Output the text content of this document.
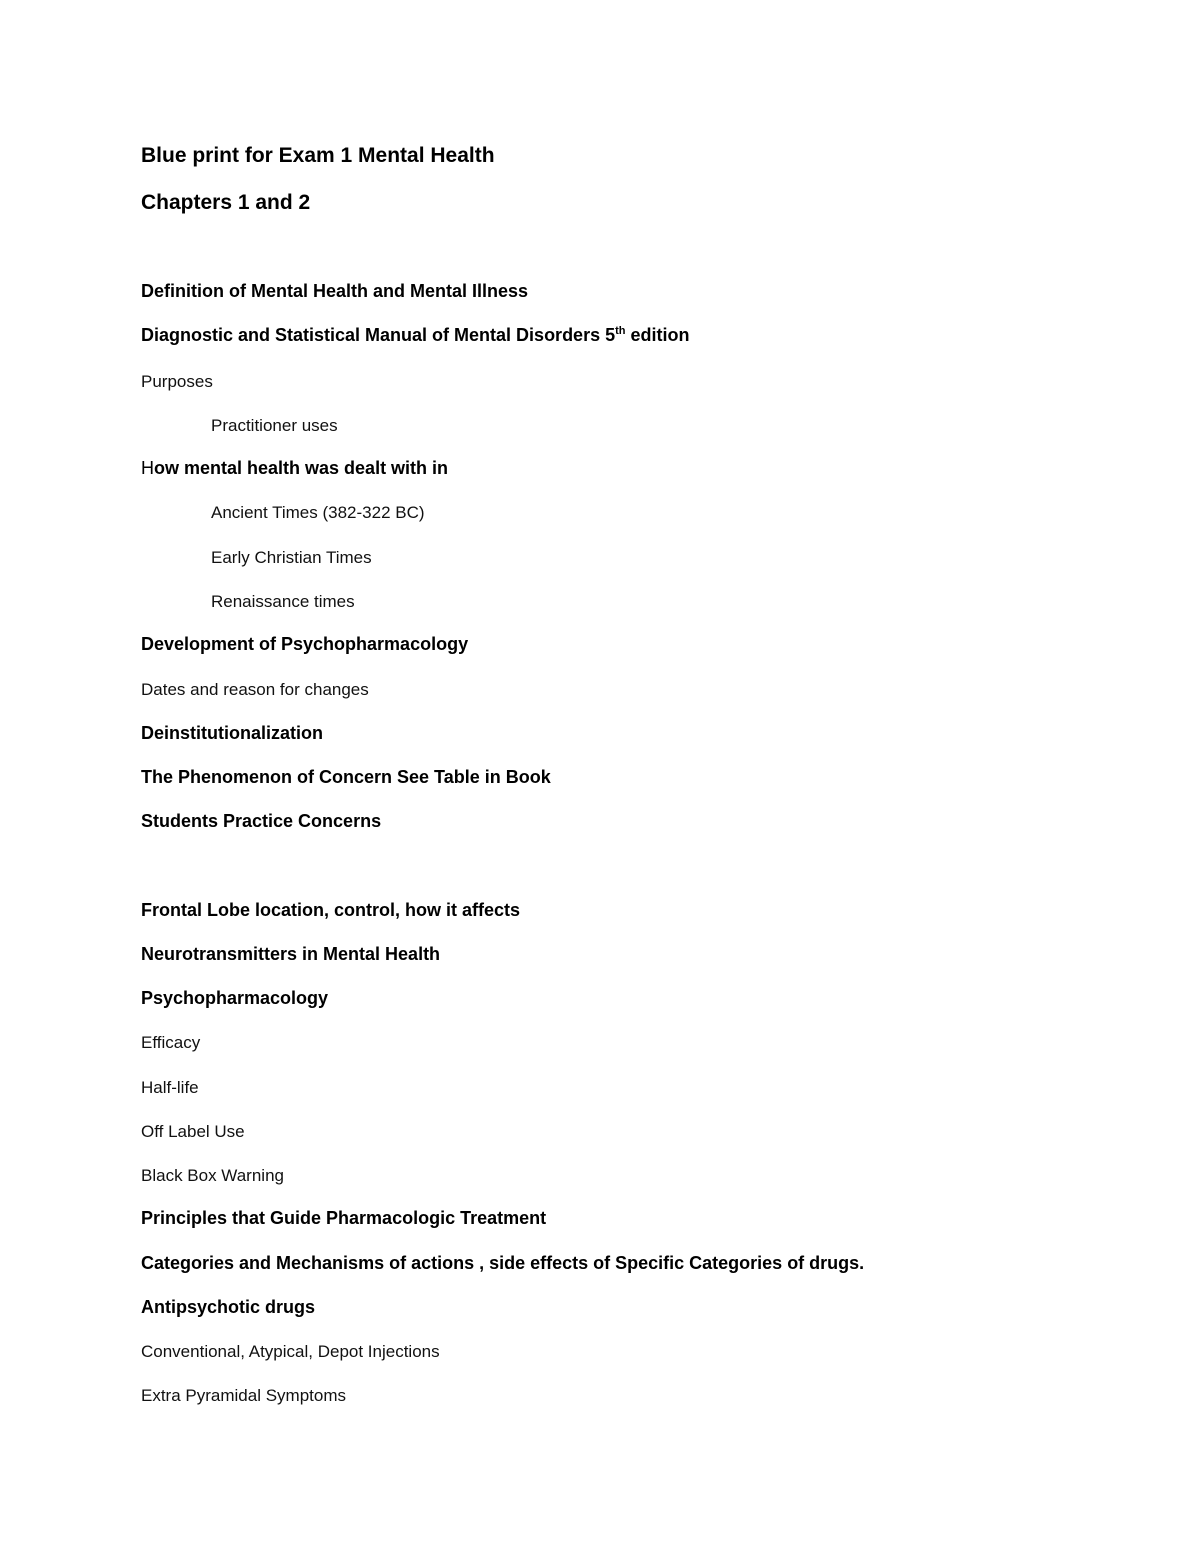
Blue print for Exam 1 Mental Health
Chapters 1 and 2
Definition of Mental Health and Mental Illness
Diagnostic and Statistical Manual of Mental Disorders 5th edition
Purposes
Practitioner uses
How mental health was dealt with in
Ancient Times (382-322 BC)
Early Christian Times
Renaissance times
Development of Psychopharmacology
Dates and reason for changes
Deinstitutionalization
The Phenomenon of Concern See Table in Book
Students Practice Concerns
Frontal Lobe location, control, how it affects
Neurotransmitters in Mental Health
Psychopharmacology
Efficacy
Half-life
Off Label Use
Black Box Warning
Principles that Guide Pharmacologic Treatment
Categories and Mechanisms of actions , side effects of Specific Categories of drugs.
Antipsychotic drugs
Conventional, Atypical, Depot Injections
Extra Pyramidal Symptoms
